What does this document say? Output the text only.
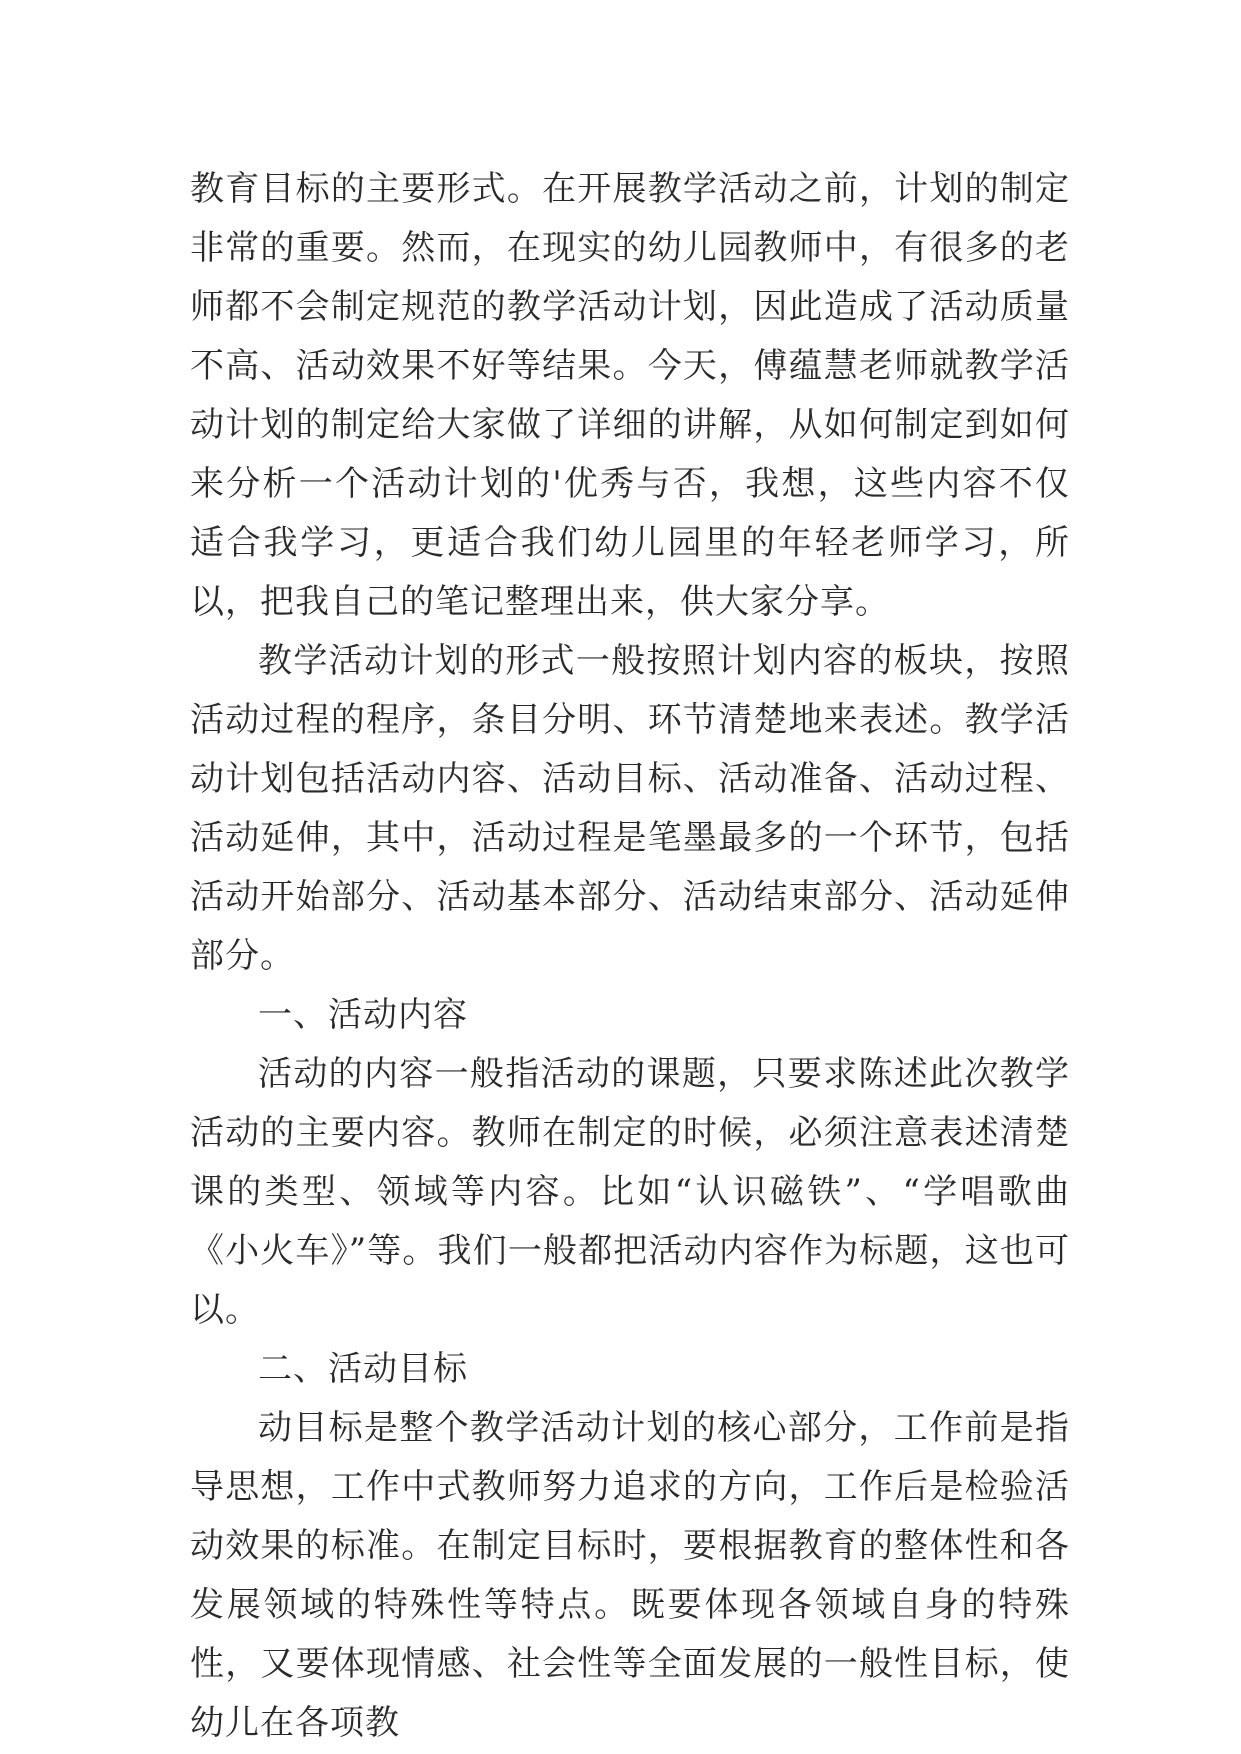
教育目标的主要形式。在开展教学活动之前，计划的制定非常的重要。然而，在现实的幼儿园教师中，有很多的老师都不会制定规范的教学活动计划，因此造成了活动质量不高、活动效果不好等结果。今天，傅蕴慧老师就教学活动计划的制定给大家做了详细的讲解，从如何制定到如何来分析一个活动计划的'优秀与否，我想，这些内容不仅适合我学习，更适合我们幼儿园里的年轻老师学习，所以，把我自己的笔记整理出来，供大家分享。

教学活动计划的形式一般按照计划内容的板块，按照活动过程的程序，条目分明、环节清楚地来表述。教学活动计划包括活动内容、活动目标、活动准备、活动过程、活动延伸，其中，活动过程是笔墨最多的一个环节，包括活动开始部分、活动基本部分、活动结束部分、活动延伸部分。

一、活动内容

活动的内容一般指活动的课题，只要求陈述此次教学活动的主要内容。教师在制定的时候，必须注意表述清楚课的类型、领域等内容。比如“认识磁铁”、“学唱歌曲《小火车》”等。我们一般都把活动内容作为标题，这也可以。

二、活动目标

动目标是整个教学活动计划的核心部分，工作前是指导思想，工作中式教师努力追求的方向，工作后是检验活动效果的标准。在制定目标时，要根据教育的整体性和各发展领域的特殊性等特点。既要体现各领域自身的特殊性，又要体现情感、社会性等全面发展的一般性目标，使幼儿在各项教
